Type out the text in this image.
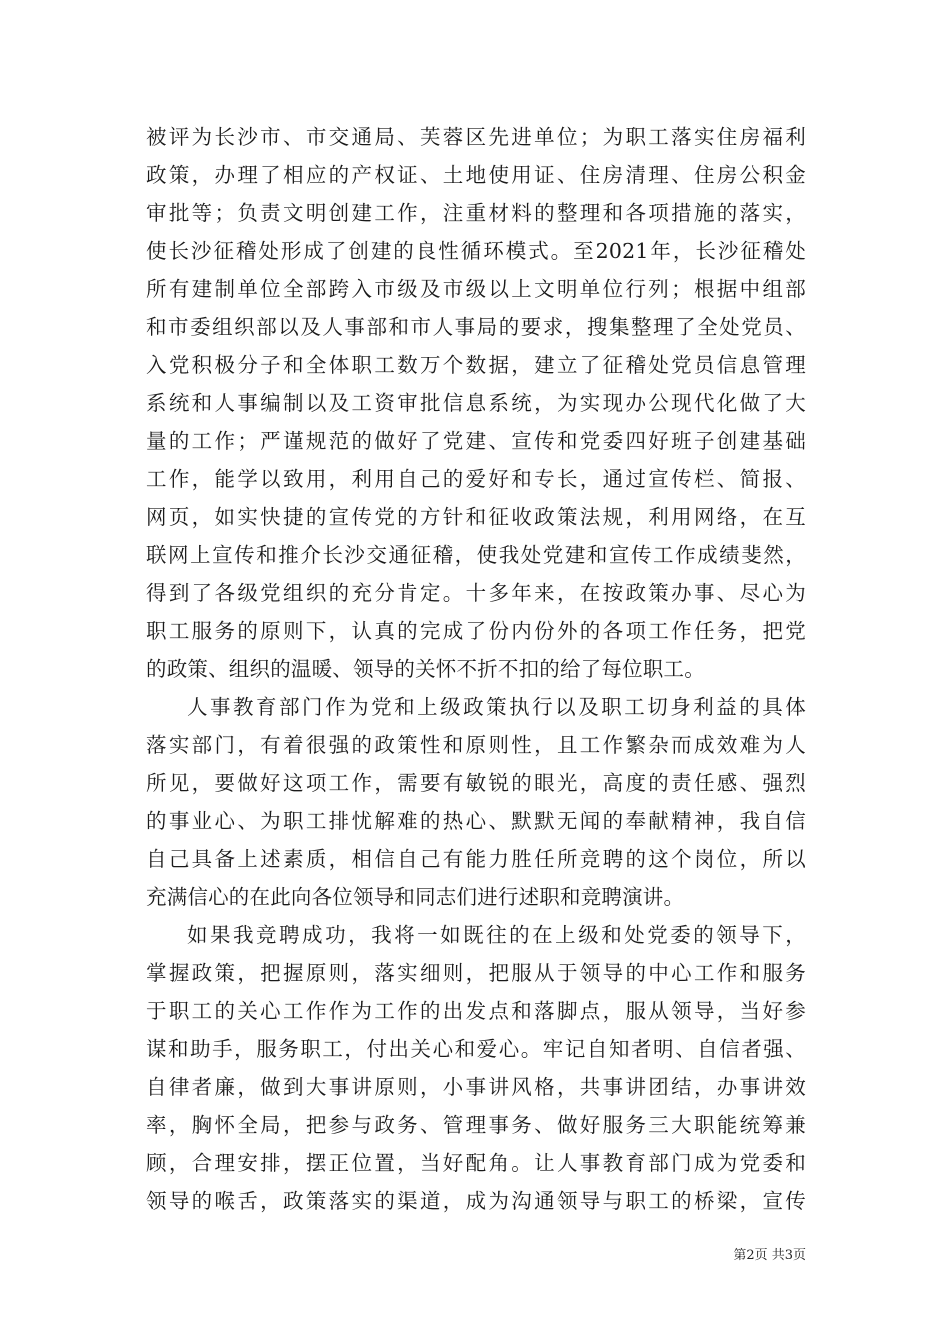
被评为长沙市、市交通局、芙蓉区先进单位；为职工落实住房福利
政策，办理了相应的产权证、土地使用证、住房清理、住房公积金
审批等；负责文明创建工作，注重材料的整理和各项措施的落实，
使长沙征稽处形成了创建的良性循环模式。至2021年，长沙征稽处
所有建制单位全部跨入市级及市级以上文明单位行列；根据中组部
和市委组织部以及人事部和市人事局的要求，搜集整理了全处党员、
入党积极分子和全体职工数万个数据，建立了征稽处党员信息管理
系统和人事编制以及工资审批信息系统，为实现办公现代化做了大
量的工作；严谨规范的做好了党建、宣传和党委四好班子创建基础
工作，能学以致用，利用自己的爱好和专长，通过宣传栏、简报、
网页，如实快捷的宣传党的方针和征收政策法规，利用网络，在互
联网上宣传和推介长沙交通征稽，使我处党建和宣传工作成绩斐然，
得到了各级党组织的充分肯定。十多年来，在按政策办事、尽心为
职工服务的原则下，认真的完成了份内份外的各项工作任务，把党
的政策、组织的温暖、领导的关怀不折不扣的给了每位职工。
人事教育部门作为党和上级政策执行以及职工切身利益的具体
落实部门，有着很强的政策性和原则性，且工作繁杂而成效难为人
所见，要做好这项工作，需要有敏锐的眼光，高度的责任感、强烈
的事业心、为职工排忧解难的热心、默默无闻的奉献精神，我自信
自己具备上述素质，相信自己有能力胜任所竞聘的这个岗位，所以
充满信心的在此向各位领导和同志们进行述职和竞聘演讲。
如果我竞聘成功，我将一如既往的在上级和处党委的领导下，
掌握政策，把握原则，落实细则，把服从于领导的中心工作和服务
于职工的关心工作作为工作的出发点和落脚点，服从领导，当好参
谋和助手，服务职工，付出关心和爱心。牢记自知者明、自信者强、
自律者廉，做到大事讲原则，小事讲风格，共事讲团结，办事讲效
率，胸怀全局，把参与政务、管理事务、做好服务三大职能统筹兼
顾，合理安排，摆正位置，当好配角。让人事教育部门成为党委和
领导的喉舌，政策落实的渠道，成为沟通领导与职工的桥梁，宣传
第2页 共3页
